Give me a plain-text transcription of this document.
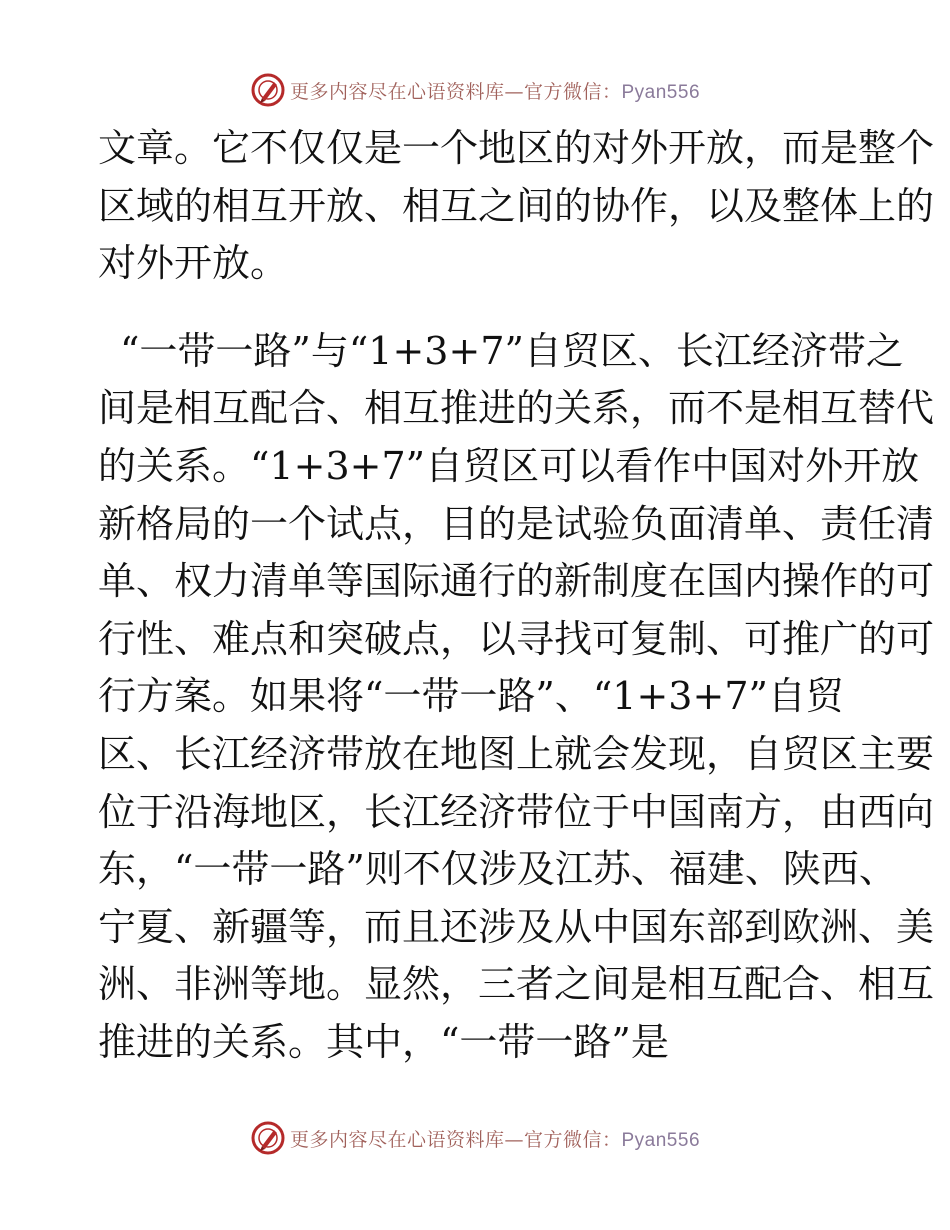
更多内容尽在心语资料库—官方微信：Pyan556
文章。它不仅仅是一个地区的对外开放，而是整个
区域的相互开放、相互之间的协作，以及整体上的
对外开放。
“一带一路”与“1+3+7”自贸区、长江经济带之
间是相互配合、相互推进的关系，而不是相互替代
的关系。“1+3+7”自贸区可以看作中国对外开放
新格局的一个试点，目的是试验负面清单、责任清
单、权力清单等国际通行的新制度在国内操作的可
行性、难点和突破点，以寻找可复制、可推广的可
行方案。如果将“一带一路”、“1+3+7”自贸
区、长江经济带放在地图上就会发现，自贸区主要
位于沿海地区，长江经济带位于中国南方，由西向
东，“一带一路”则不仅涉及江苏、福建、陕西、
宁夏、新疆等，而且还涉及从中国东部到欧洲、美
洲、非洲等地。显然，三者之间是相互配合、相互
推进的关系。其中，“一带一路”是
更多内容尽在心语资料库—官方微信：Pyan556
